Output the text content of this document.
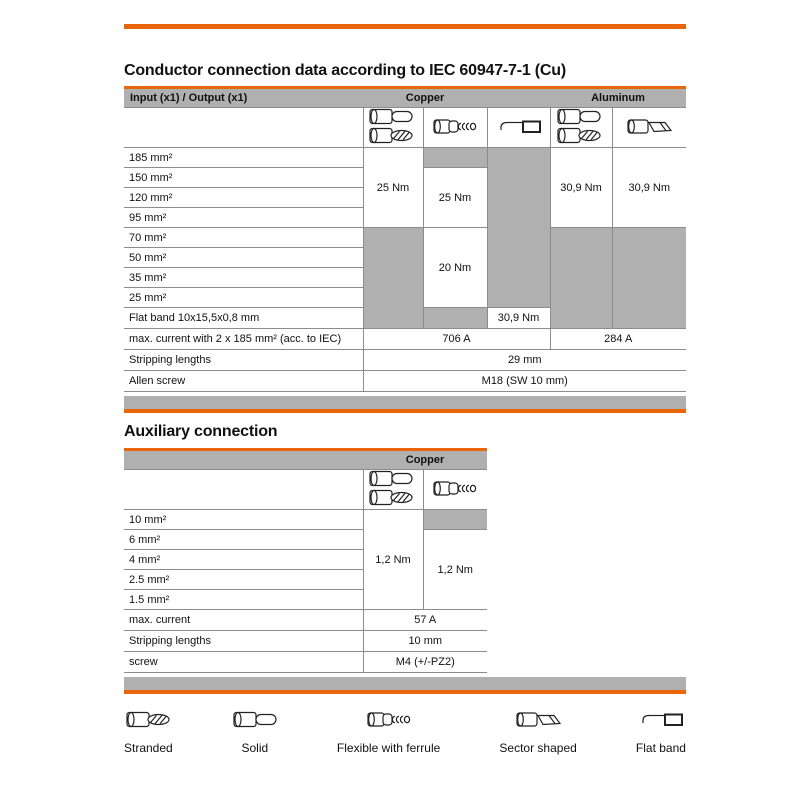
Conductor connection data according to IEC 60947-7-1 (Cu)
Input (x1) / Output (x1)	Copper			Aluminum	

185 mm²	25 Nm			30,9 Nm	30,9 Nm
150 mm²		25 Nm			
120 mm²					
95 mm²					
70 mm²		20 Nm			
50 mm²					
35 mm²					
25 mm²					
Flat band 10x15,5x0,8 mm			30,9 Nm		
max. current with 2 x 185 mm² (acc. to IEC)	706 A			284 A	
Stripping lengths	29 mm				
Allen screw	M18 (SW 10 mm)				
Auxiliary connection
	Copper	

10 mm²	1,2 Nm	
6 mm²		1,2 Nm
4 mm²		
2.5 mm²		
1.5 mm²		
max. current	57 A	
Stripping lengths	10 mm	
screw	M4 (+/-PZ2)	
Stranded	Solid	Flexible with ferrule	Sector shaped	Flat band
